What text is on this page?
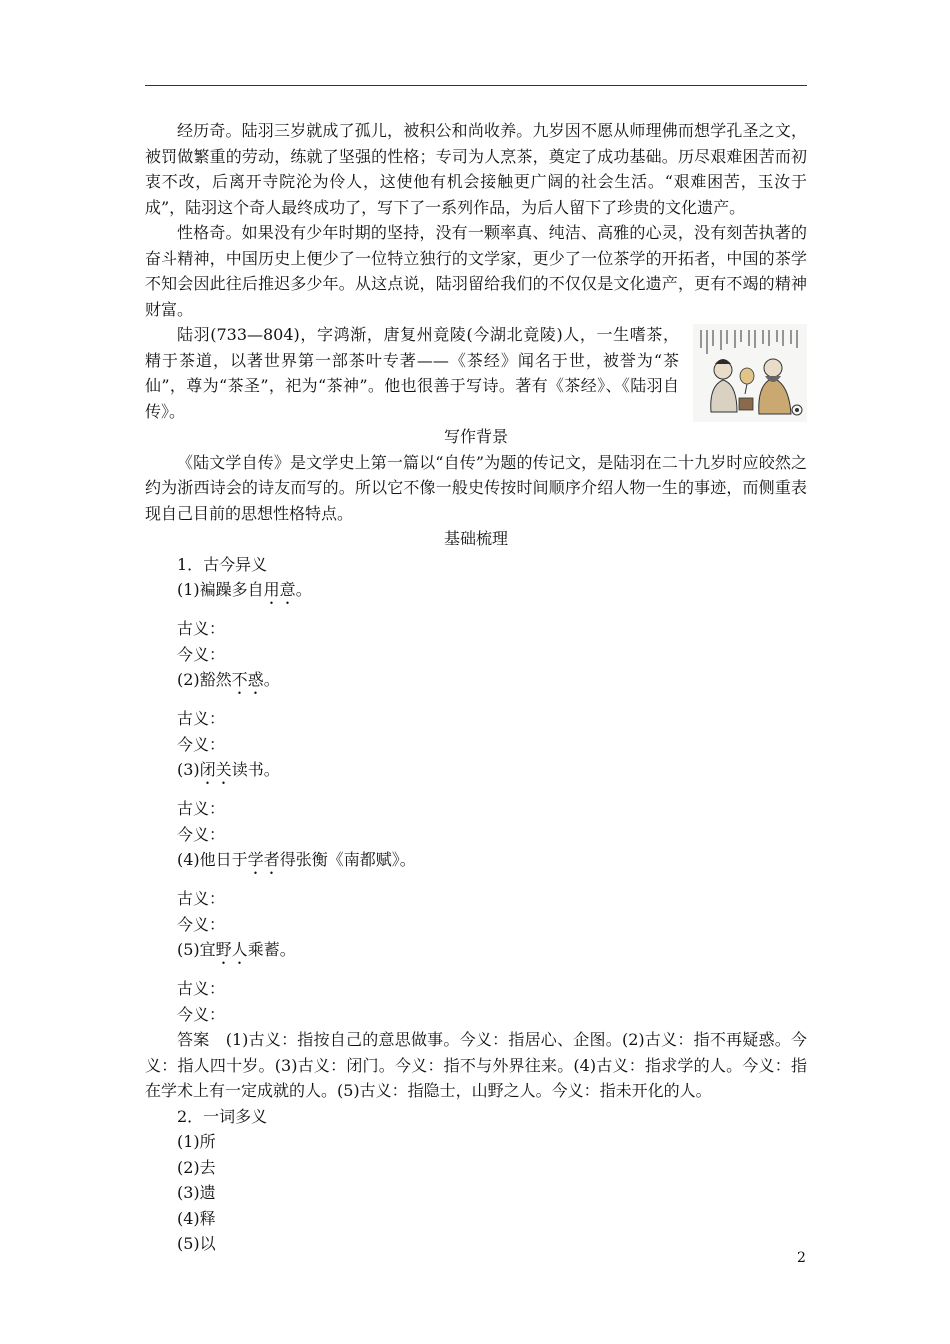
经历奇。陆羽三岁就成了孤儿，被积公和尚收养。九岁因不愿从师理佛而想学孔圣之文，被罚做繁重的劳动，练就了坚强的性格；专司为人烹茶，奠定了成功基础。历尽艰难困苦而初衷不改，后离开寺院沦为伶人，这使他有机会接触更广阔的社会生活。“艰难困苦，玉汝于成”，陆羽这个奇人最终成功了，写下了一系列作品，为后人留下了珍贵的文化遗产。

性格奇。如果没有少年时期的坚持，没有一颗率真、纯洁、高雅的心灵，没有刻苦执著的奋斗精神，中国历史上便少了一位特立独行的文学家，更少了一位茶学的开拓者，中国的茶学不知会因此往后推迟多少年。从这点说，陆羽留给我们的不仅仅是文化遗产，更有不竭的精神财富。

陆羽(733—804)，字鸿渐，唐复州竟陵(今湖北竟陵)人，一生嗜茶，精于茶道，以著世界第一部茶叶专著——《茶经》闻名于世，被誉为“茶仙”，尊为“茶圣”，祀为“茶神”。他也很善于写诗。著有《茶经》、《陆羽自传》。

写作背景

《陆文学自传》是文学史上第一篇以“自传”为题的传记文，是陆羽在二十九岁时应皎然之约为浙西诗会的诗友而写的。所以它不像一般史传按时间顺序介绍人物一生的事迹，而侧重表现自己目前的思想性格特点。

基础梳理

1．古今异义

(1)褊躁多自用意。

古义：

今义：

(2)豁然不惑。

古义：

今义：

(3)闭关读书。

古义：

今义：

(4)他日于学者得张衡《南都赋》。

古义：

今义：

(5)宜野人乘蓄。

古义：

今义：

答案　(1)古义：指按自己的意思做事。今义：指居心、企图。(2)古义：指不再疑惑。今义：指人四十岁。(3)古义：闭门。今义：指不与外界往来。(4)古义：指求学的人。今义：指在学术上有一定成就的人。(5)古义：指隐士，山野之人。今义：指未开化的人。

2．一词多义

(1)所

(2)去

(3)遗

(4)释

(5)以

2
